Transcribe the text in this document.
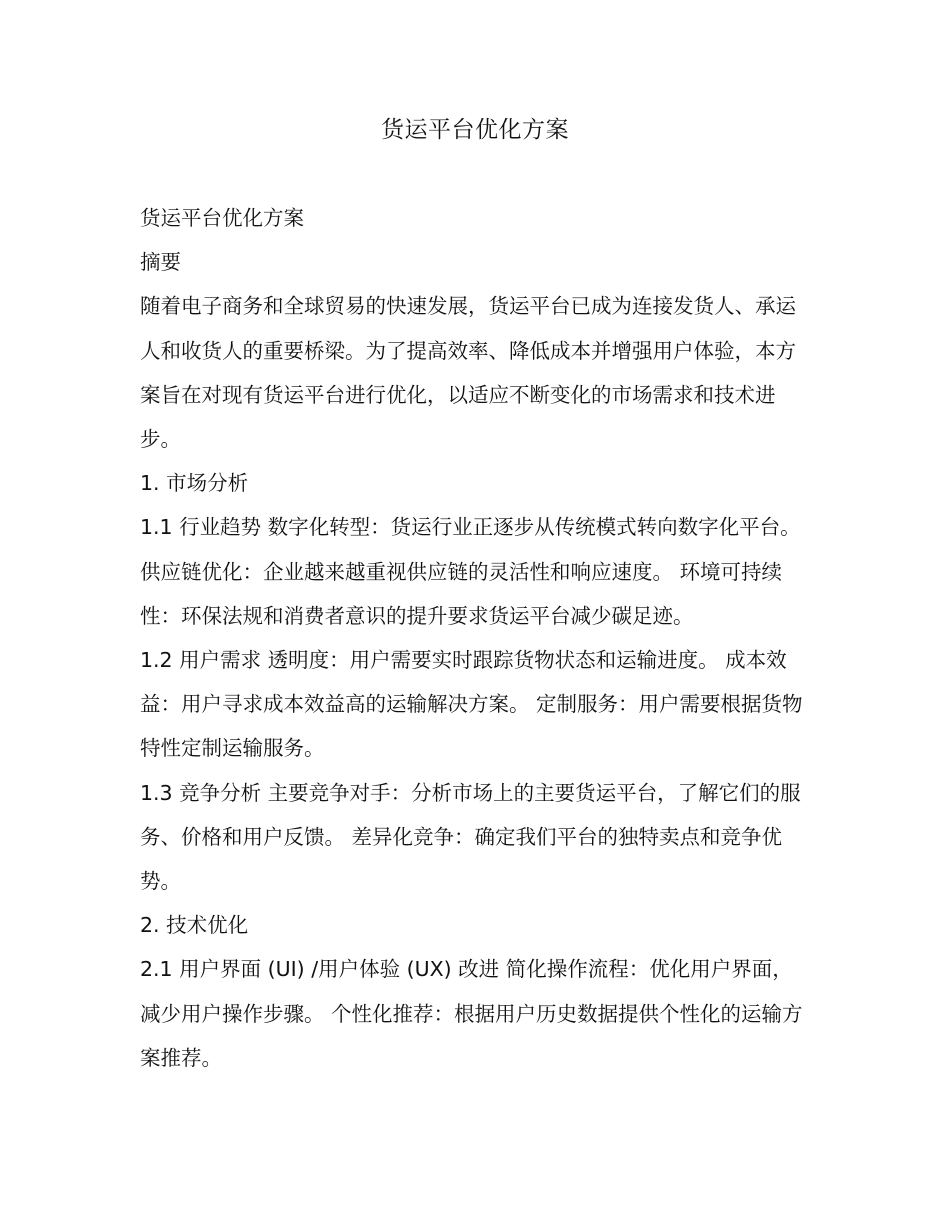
货运平台优化方案

货运平台优化方案

摘要

随着电子商务和全球贸易的快速发展，货运平台已成为连接发货人、承运人和收货人的重要桥梁。为了提高效率、降低成本并增强用户体验，本方案旨在对现有货运平台进行优化，以适应不断变化的市场需求和技术进步。

1. 市场分析

1.1 行业趋势 数字化转型：货运行业正逐步从传统模式转向数字化平台。 供应链优化：企业越来越重视供应链的灵活性和响应速度。 环境可持续性：环保法规和消费者意识的提升要求货运平台减少碳足迹。

1.2 用户需求 透明度：用户需要实时跟踪货物状态和运输进度。 成本效益：用户寻求成本效益高的运输解决方案。 定制服务：用户需要根据货物特性定制运输服务。

1.3 竞争分析 主要竞争对手：分析市场上的主要货运平台，了解它们的服务、价格和用户反馈。 差异化竞争：确定我们平台的独特卖点和竞争优势。

2. 技术优化

2.1 用户界面 (UI) /用户体验 (UX) 改进 简化操作流程：优化用户界面，减少用户操作步骤。 个性化推荐：根据用户历史数据提供个性化的运输方案推荐。
